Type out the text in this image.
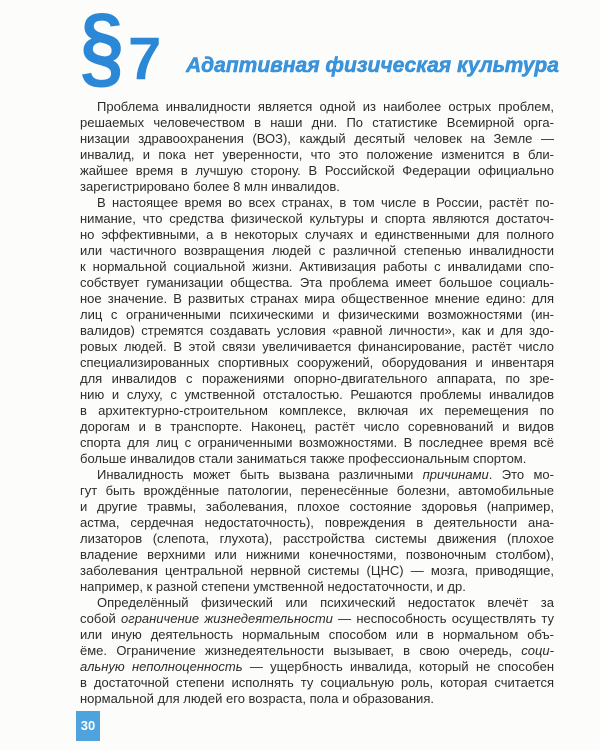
§ 7 Адаптивная физическая культура
Проблема инвалидности является одной из наиболее острых проблем,
решаемых человечеством в наши дни. По статистике Всемирной орга-
низации здравоохранения (ВОЗ), каждый десятый человек на Земле —
инвалид, и пока нет уверенности, что это положение изменится в бли-
жайшее время в лучшую сторону. В Российской Федерации официально
зарегистрировано более 8 млн инвалидов.
В настоящее время во всех странах, в том числе в России, растёт по-
нимание, что средства физической культуры и спорта являются достаточ-
но эффективными, а в некоторых случаях и единственными для полного
или частичного возвращения людей с различной степенью инвалидности
к нормальной социальной жизни. Активизация работы с инвалидами спо-
собствует гуманизации общества. Эта проблема имеет большое социаль-
ное значение. В развитых странах мира общественное мнение едино: для
лиц с ограниченными психическими и физическими возможностями (ин-
валидов) стремятся создавать условия «равной личности», как и для здо-
ровых людей. В этой связи увеличивается финансирование, растёт число
специализированных спортивных сооружений, оборудования и инвентаря
для инвалидов с поражениями опорно-двигательного аппарата, по зре-
нию и слуху, с умственной отсталостью. Решаются проблемы инвалидов
в архитектурно-строительном комплексе, включая их перемещения по
дорогам и в транспорте. Наконец, растёт число соревнований и видов
спорта для лиц с ограниченными возможностями. В последнее время всё
больше инвалидов стали заниматься также профессиональным спортом.
Инвалидность может быть вызвана различными причинами. Это мо-
гут быть врождённые патологии, перенесённые болезни, автомобильные
и другие травмы, заболевания, плохое состояние здоровья (например,
астма, сердечная недостаточность), повреждения в деятельности ана-
лизаторов (слепота, глухота), расстройства системы движения (плохое
владение верхними или нижними конечностями, позвоночным столбом),
заболевания центральной нервной системы (ЦНС) — мозга, приводящие,
например, к разной степени умственной недостаточности, и др.
Определённый физический или психический недостаток влечёт за
собой ограничение жизнедеятельности — неспособность осуществлять ту
или иную деятельность нормальным способом или в нормальном объ-
ёме. Ограничение жизнедеятельности вызывает, в свою очередь, соци-
альную неполноценность — ущербность инвалида, который не способен
в достаточной степени исполнять ту социальную роль, которая считается
нормальной для людей его возраста, пола и образования.
30
